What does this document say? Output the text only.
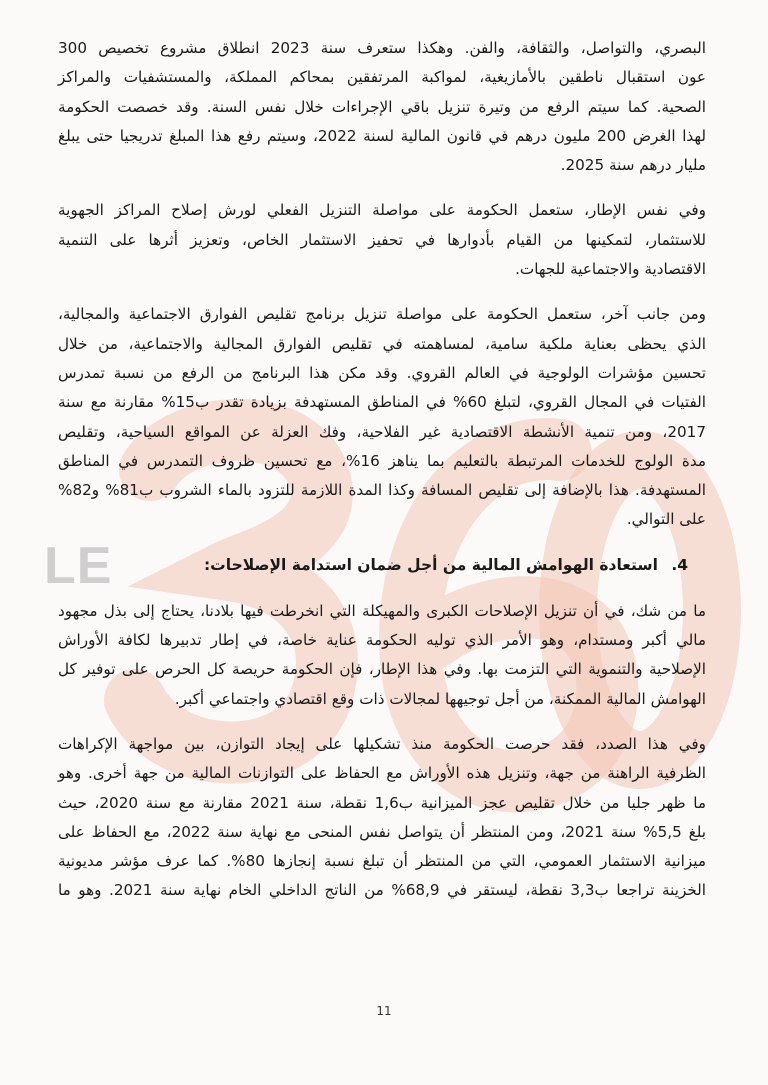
LE
البصري، والتواصل، والثقافة، والفن. وهكذا ستعرف سنة 2023 انطلاق مشروع تخصيص 300
عون استقبال ناطقين بالأمازيغية، لمواكبة المرتفقين بمحاكم المملكة، والمستشفيات والمراكز
الصحية. كما سيتم الرفع من وتيرة تنزيل باقي الإجراءات خلال نفس السنة. وقد خصصت الحكومة
لهذا الغرض 200 مليون درهم في قانون المالية لسنة 2022، وسيتم رفع هذا المبلغ تدريجيا حتى يبلغ
مليار درهم سنة 2025.
وفي نفس الإطار، ستعمل الحكومة على مواصلة التنزيل الفعلي لورش إصلاح المراكز الجهوية
للاستثمار، لتمكينها من القيام بأدوارها في تحفيز الاستثمار الخاص، وتعزيز أثرها على التنمية
الاقتصادية والاجتماعية للجهات.
ومن جانب آخر، ستعمل الحكومة على مواصلة تنزيل برنامج تقليص الفوارق الاجتماعية والمجالية،
الذي يحظى بعناية ملكية سامية، لمساهمته في تقليص الفوارق المجالية والاجتماعية، من خلال
تحسين مؤشرات الولوجية في العالم القروي. وقد مكن هذا البرنامج من الرفع من نسبة تمدرس
الفتيات في المجال القروي، لتبلغ 60% في المناطق المستهدفة بزيادة تقدر ب15% مقارنة مع سنة
2017، ومن تنمية الأنشطة الاقتصادية غير الفلاحية، وفك العزلة عن المواقع السياحية، وتقليص
مدة الولوج للخدمات المرتبطة بالتعليم بما يناهز 16%، مع تحسين ظروف التمدرس في المناطق
المستهدفة. هذا بالإضافة إلى تقليص المسافة وكذا المدة اللازمة للتزود بالماء الشروب ب81% و82%
على التوالي.
4. استعادة الهوامش المالية من أجل ضمان استدامة الإصلاحات:
ما من شك، في أن تنزيل الإصلاحات الكبرى والمهيكلة التي انخرطت فيها بلادنا، يحتاج إلى بذل مجهود
مالي أكبر ومستدام، وهو الأمر الذي توليه الحكومة عناية خاصة، في إطار تدبيرها لكافة الأوراش
الإصلاحية والتنموية التي التزمت بها. وفي هذا الإطار، فإن الحكومة حريصة كل الحرص على توفير كل
الهوامش المالية الممكنة، من أجل توجيهها لمجالات ذات وقع اقتصادي واجتماعي أكبر.
وفي هذا الصدد، فقد حرصت الحكومة منذ تشكيلها على إيجاد التوازن، بين مواجهة الإكراهات
الظرفية الراهنة من جهة، وتنزيل هذه الأوراش مع الحفاظ على التوازنات المالية من جهة أخرى. وهو
ما ظهر جليا من خلال تقليص عجز الميزانية ب1,6 نقطة، سنة 2021 مقارنة مع سنة 2020، حيث
بلغ 5,5% سنة 2021، ومن المنتظر أن يتواصل نفس المنحى مع نهاية سنة 2022، مع الحفاظ على
ميزانية الاستثمار العمومي، التي من المنتظر أن تبلغ نسبة إنجازها 80%. كما عرف مؤشر مديونية
الخزينة تراجعا ب3,3 نقطة، ليستقر في 68,9% من الناتج الداخلي الخام نهاية سنة 2021. وهو ما
11
